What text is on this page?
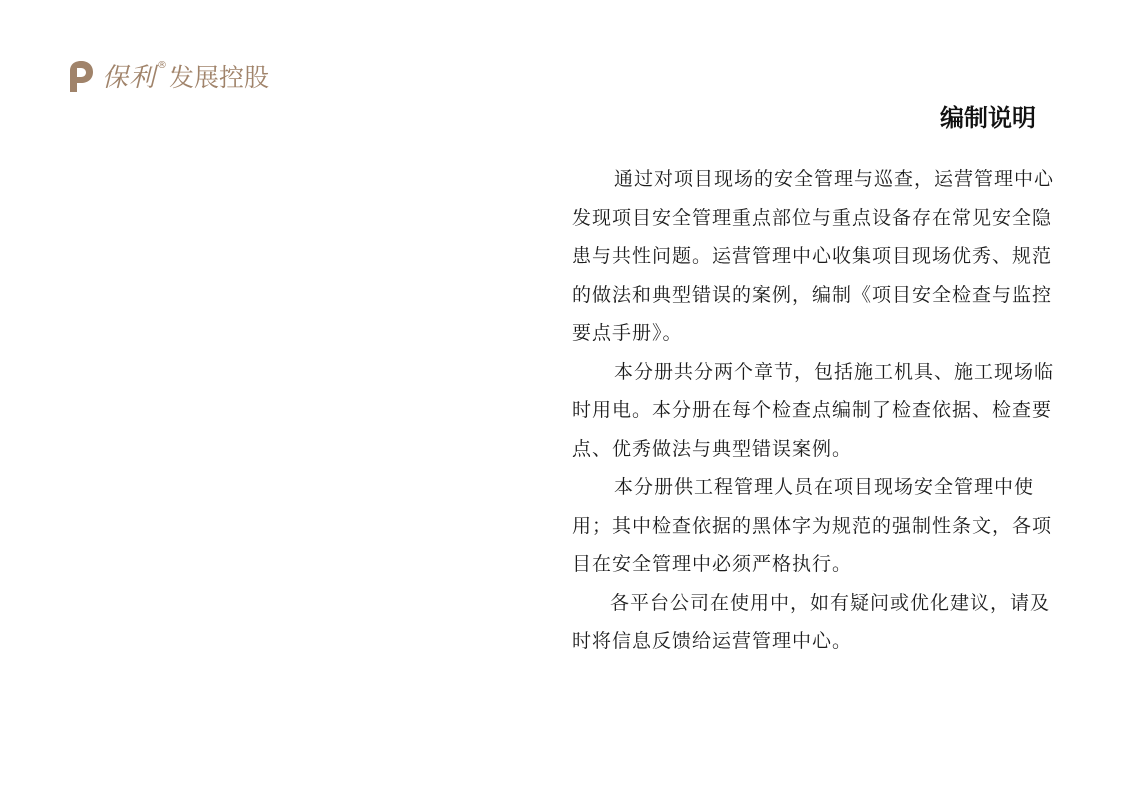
保利 ® 发展控股
编制说明

通过对项目现场的安全管理与巡查，运营管理中心发现项目安全管理重点部位与重点设备存在常见安全隐患与共性问题。运营管理中心收集项目现场优秀、规范的做法和典型错误的案例，编制《项目安全检查与监控要点手册》。

本分册共分两个章节，包括施工机具、施工现场临时用电。本分册在每个检查点编制了检查依据、检查要点、优秀做法与典型错误案例。

本分册供工程管理人员在项目现场安全管理中使用；其中检查依据的黑体字为规范的强制性条文，各项目在安全管理中必须严格执行。

各平台公司在使用中，如有疑问或优化建议，请及时将信息反馈给运营管理中心。
